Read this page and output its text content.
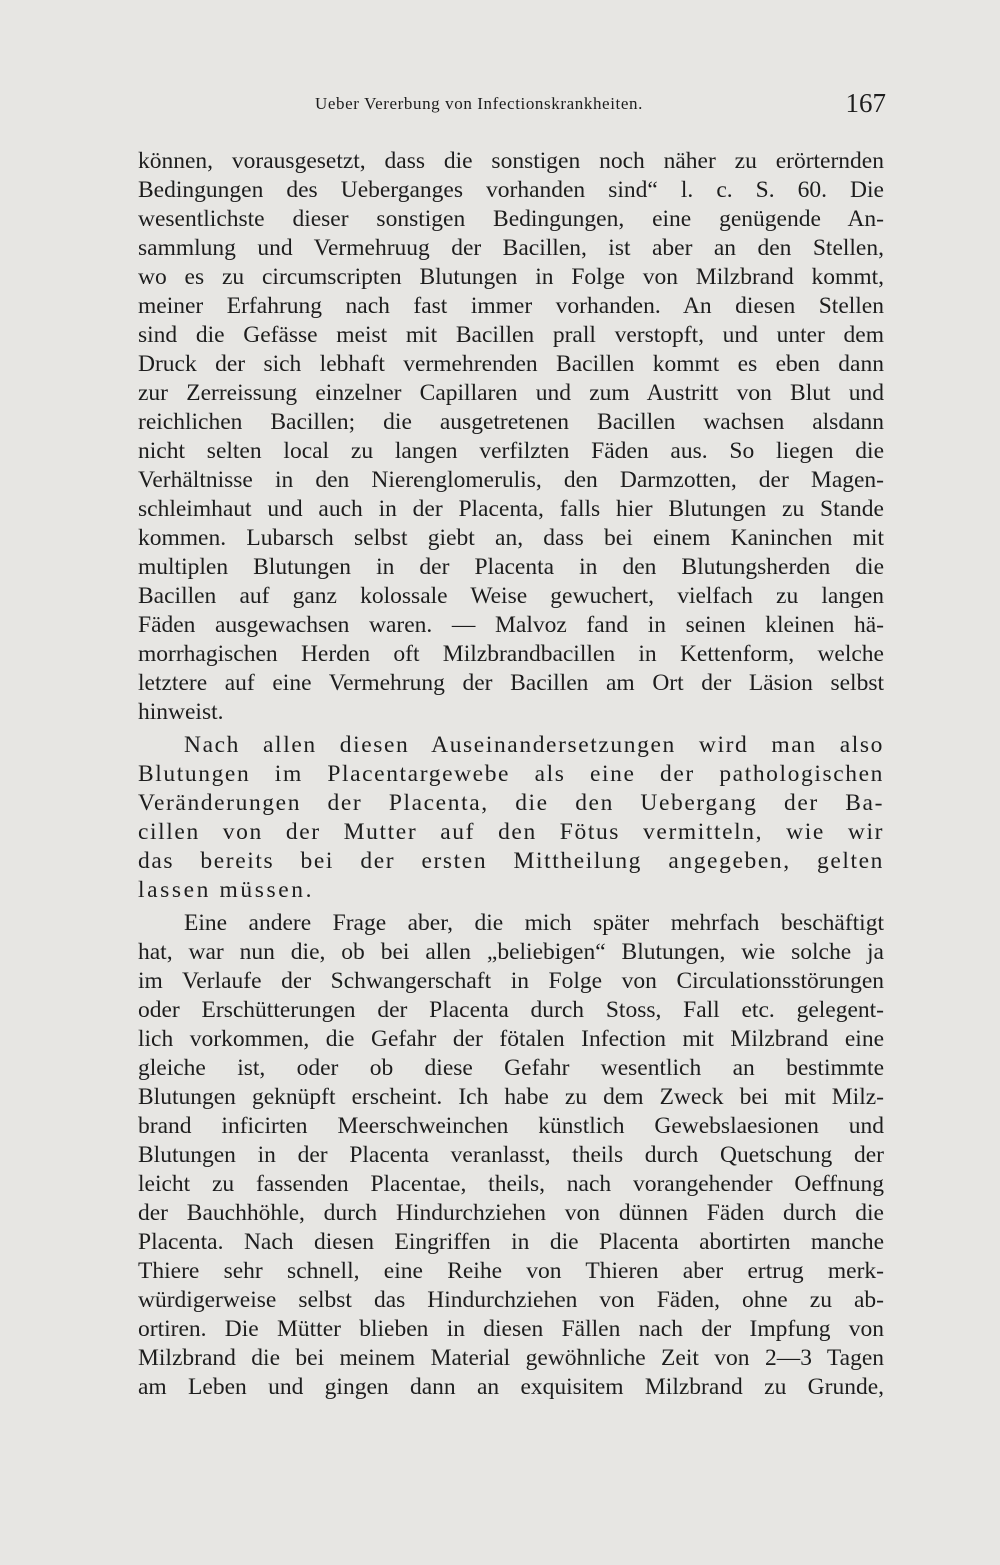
Ueber Vererbung von Infectionskrankheiten.	167
können, vorausgesetzt, dass die sonstigen noch näher zu erörternden
Bedingungen des Ueberganges vorhanden sind“ l. c. S. 60. Die
wesentlichste dieser sonstigen Bedingungen, eine genügende An-
sammlung und Vermehruug der Bacillen, ist aber an den Stellen,
wo es zu circumscripten Blutungen in Folge von Milzbrand kommt,
meiner Erfahrung nach fast immer vorhanden. An diesen Stellen
sind die Gefässe meist mit Bacillen prall verstopft, und unter dem
Druck der sich lebhaft vermehrenden Bacillen kommt es eben dann
zur Zerreissung einzelner Capillaren und zum Austritt von Blut und
reichlichen Bacillen; die ausgetretenen Bacillen wachsen alsdann
nicht selten local zu langen verfilzten Fäden aus. So liegen die
Verhältnisse in den Nierenglomerulis, den Darmzotten, der Magen-
schleimhaut und auch in der Placenta, falls hier Blutungen zu Stande
kommen. Lubarsch selbst giebt an, dass bei einem Kaninchen mit
multiplen Blutungen in der Placenta in den Blutungsherden die
Bacillen auf ganz kolossale Weise gewuchert, vielfach zu langen
Fäden ausgewachsen waren. — Malvoz fand in seinen kleinen hä-
morrhagischen Herden oft Milzbrandbacillen in Kettenform, welche
letztere auf eine Vermehrung der Bacillen am Ort der Läsion selbst
hinweist.
Nach allen diesen Auseinandersetzungen wird man also
Blutungen im Placentargewebe als eine der pathologischen
Veränderungen der Placenta, die den Uebergang der Ba-
cillen von der Mutter auf den Fötus vermitteln, wie wir
das bereits bei der ersten Mittheilung angegeben, gelten
lassen müssen.
Eine andere Frage aber, die mich später mehrfach beschäftigt
hat, war nun die, ob bei allen „beliebigen“ Blutungen, wie solche ja
im Verlaufe der Schwangerschaft in Folge von Circulationsstörungen
oder Erschütterungen der Placenta durch Stoss, Fall etc. gelegent-
lich vorkommen, die Gefahr der fötalen Infection mit Milzbrand eine
gleiche ist, oder ob diese Gefahr wesentlich an bestimmte
Blutungen geknüpft erscheint. Ich habe zu dem Zweck bei mit Milz-
brand inficirten Meerschweinchen künstlich Gewebslaesionen und
Blutungen in der Placenta veranlasst, theils durch Quetschung der
leicht zu fassenden Placentae, theils, nach vorangehender Oeffnung
der Bauchhöhle, durch Hindurchziehen von dünnen Fäden durch die
Placenta. Nach diesen Eingriffen in die Placenta abortirten manche
Thiere sehr schnell, eine Reihe von Thieren aber ertrug merk-
würdigerweise selbst das Hindurchziehen von Fäden, ohne zu ab-
ortiren. Die Mütter blieben in diesen Fällen nach der Impfung von
Milzbrand die bei meinem Material gewöhnliche Zeit von 2—3 Tagen
am Leben und gingen dann an exquisitem Milzbrand zu Grunde,
